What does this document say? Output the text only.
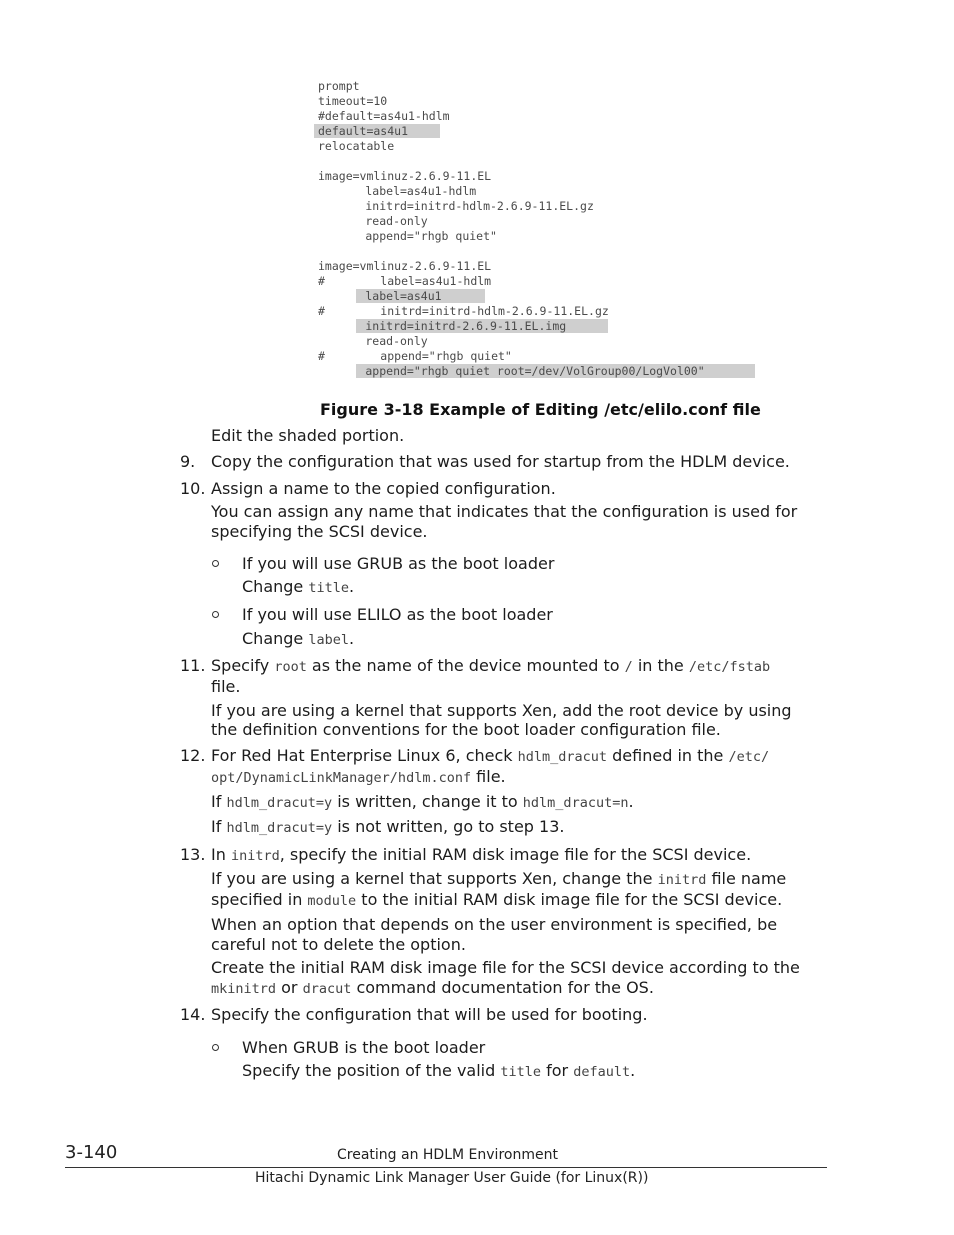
prompt
timeout=10
#default=as4u1-hdlm
default=as4u1
relocatable
image=vmlinuz-2.6.9-11.EL
label=as4u1-hdlm
initrd=initrd-hdlm-2.6.9-11.EL.gz
read-only
append="rhgb quiet"
image=vmlinuz-2.6.9-11.EL
#        label=as4u1-hdlm
label=as4u1
#        initrd=initrd-hdlm-2.6.9-11.EL.gz
initrd=initrd-2.6.9-11.EL.img
read-only
#        append="rhgb quiet"
append="rhgb quiet root=/dev/VolGroup00/LogVol00"
Figure 3-18 Example of Editing /etc/elilo.conf file
Edit the shaded portion.
9. Copy the configuration that was used for startup from the HDLM device.
10. Assign a name to the copied configuration.
You can assign any name that indicates that the configuration is used for
specifying the SCSI device.
If you will use GRUB as the boot loader
Change title.
If you will use ELILO as the boot loader
Change label.
11. Specify root as the name of the device mounted to / in the /etc/fstab
file.
If you are using a kernel that supports Xen, add the root device by using
the definition conventions for the boot loader configuration file.
12. For Red Hat Enterprise Linux 6, check hdlm_dracut defined in the /etc/
opt/DynamicLinkManager/hdlm.conf file.
If hdlm_dracut=y is written, change it to hdlm_dracut=n.
If hdlm_dracut=y is not written, go to step 13.
13. In initrd, specify the initial RAM disk image file for the SCSI device.
If you are using a kernel that supports Xen, change the initrd file name
specified in module to the initial RAM disk image file for the SCSI device.
When an option that depends on the user environment is specified, be
careful not to delete the option.
Create the initial RAM disk image file for the SCSI device according to the
mkinitrd or dracut command documentation for the OS.
14. Specify the configuration that will be used for booting.
When GRUB is the boot loader
Specify the position of the valid title for default.
3-140	Creating an HDLM Environment
Hitachi Dynamic Link Manager User Guide (for Linux(R))
